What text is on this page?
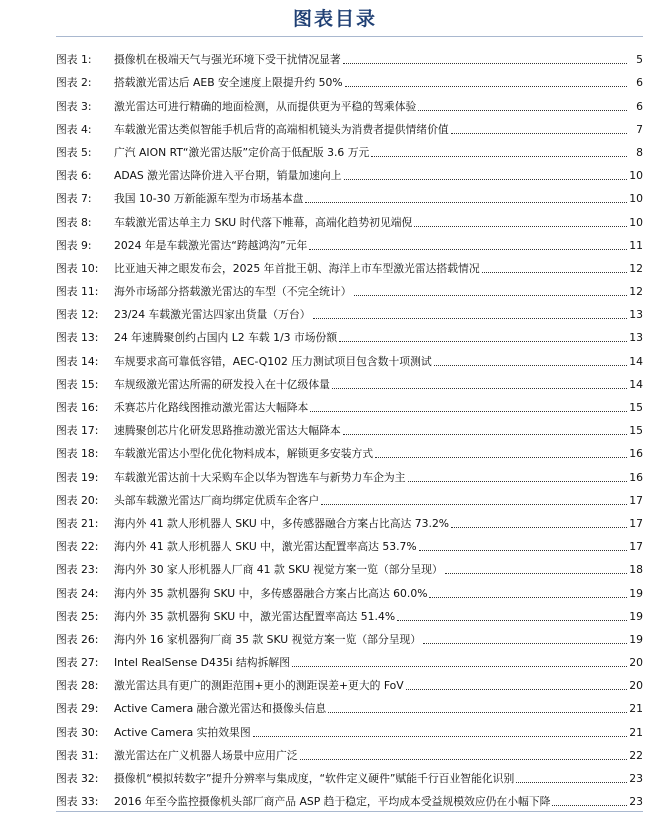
图表目录
图表 1:	摄像机在极端天气与强光环境下受干扰情况显著	5
图表 2:	搭载激光雷达后 AEB 安全速度上限提升约 50%	6
图表 3:	激光雷达可进行精确的地面检测，从而提供更为平稳的驾乘体验	6
图表 4:	车载激光雷达类似智能手机后背的高端相机镜头为消费者提供情绪价值	7
图表 5:	广汽 AION RT“激光雷达版”定价高于低配版 3.6 万元	8
图表 6:	ADAS 激光雷达降价进入平台期，销量加速向上	10
图表 7:	我国 10-30 万新能源车型为市场基本盘	10
图表 8:	车载激光雷达单主力 SKU 时代落下帷幕，高端化趋势初见端倪	10
图表 9:	2024 年是车载激光雷达“跨越鸿沟”元年	11
图表 10:	比亚迪天神之眼发布会，2025 年首批王朝、海洋上市车型激光雷达搭载情况	12
图表 11:	海外市场部分搭载激光雷达的车型（不完全统计）	12
图表 12:	23/24 车载激光雷达四家出货量（万台）	13
图表 13:	24 年速腾聚创约占国内 L2 车载 1/3 市场份额	13
图表 14:	车规要求高可靠低容错，AEC-Q102 压力测试项目包含数十项测试	14
图表 15:	车规级激光雷达所需的研发投入在十亿级体量	14
图表 16:	禾赛芯片化路线图推动激光雷达大幅降本	15
图表 17:	速腾聚创芯片化研发思路推动激光雷达大幅降本	15
图表 18:	车载激光雷达小型化优化物料成本，解锁更多安装方式	16
图表 19:	车载激光雷达前十大采购车企以华为智选车与新势力车企为主	16
图表 20:	头部车载激光雷达厂商均绑定优质车企客户	17
图表 21:	海内外 41 款人形机器人 SKU 中，多传感器融合方案占比高达 73.2%	17
图表 22:	海内外 41 款人形机器人 SKU 中，激光雷达配置率高达 53.7%	17
图表 23:	海内外 30 家人形机器人厂商 41 款 SKU 视觉方案一览（部分呈现）	18
图表 24:	海内外 35 款机器狗 SKU 中，多传感器融合方案占比高达 60.0%	19
图表 25:	海内外 35 款机器狗 SKU 中，激光雷达配置率高达 51.4%	19
图表 26:	海内外 16 家机器狗厂商 35 款 SKU 视觉方案一览（部分呈现）	19
图表 27:	Intel RealSense D435i 结构拆解图	20
图表 28:	激光雷达具有更广的测距范围+更小的测距误差+更大的 FoV	20
图表 29:	Active Camera 融合激光雷达和摄像头信息	21
图表 30:	Active Camera 实拍效果图	21
图表 31:	激光雷达在广义机器人场景中应用广泛	22
图表 32:	摄像机“模拟转数字”提升分辨率与集成度，“软件定义硬件”赋能千行百业智能化识别	23
图表 33:	2016 年至今监控摄像机头部厂商产品 ASP 趋于稳定，平均成本受益规模效应仍在小幅下降	23
